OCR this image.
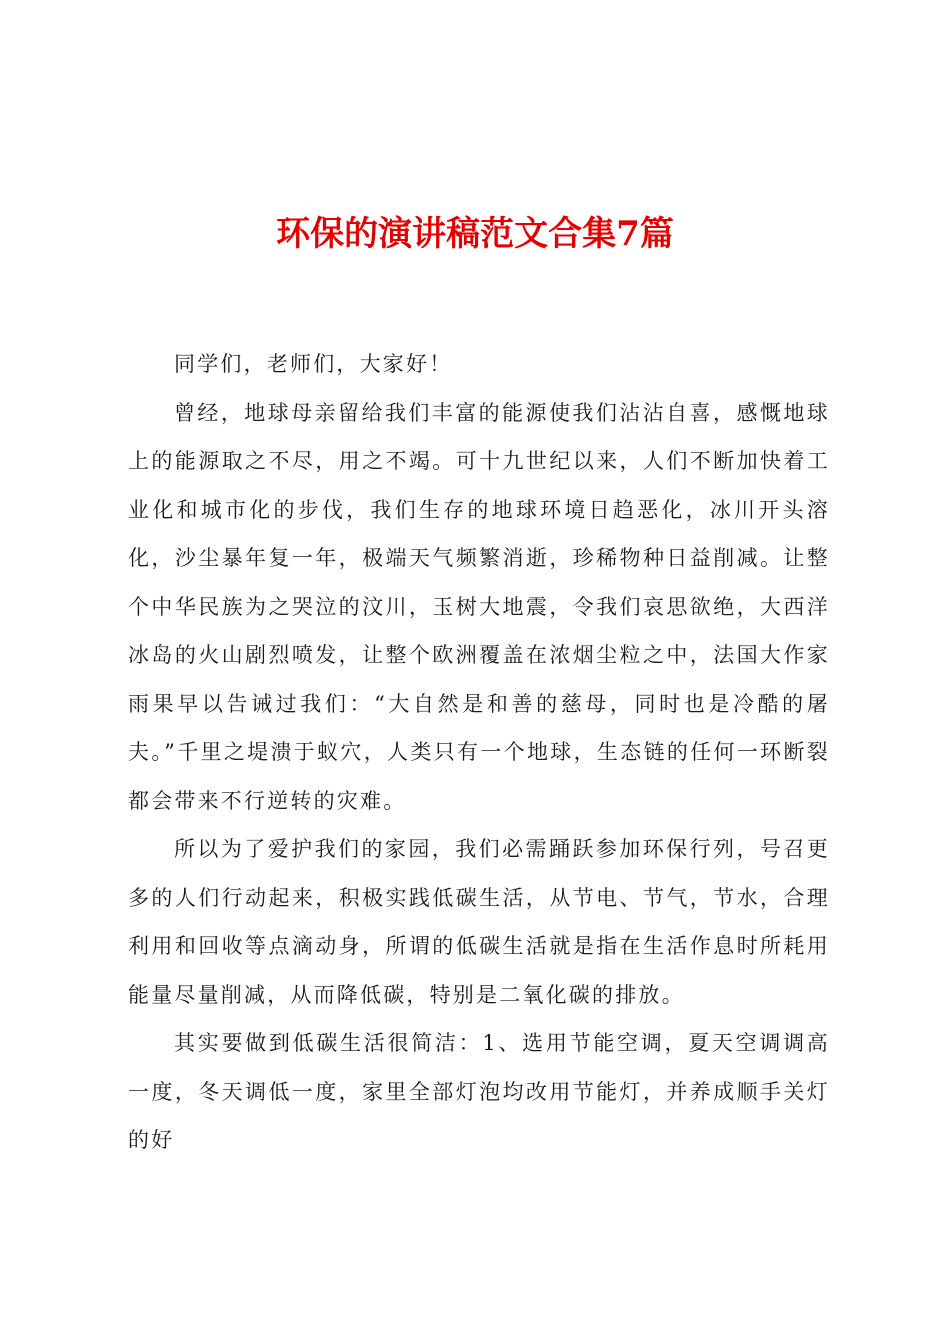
环保的演讲稿范文合集7篇

同学们，老师们，大家好！

曾经，地球母亲留给我们丰富的能源使我们沾沾自喜，感慨地球上的能源取之不尽，用之不竭。可十九世纪以来，人们不断加快着工业化和城市化的步伐，我们生存的地球环境日趋恶化，冰川开头溶化，沙尘暴年复一年，极端天气频繁消逝，珍稀物种日益削减。让整个中华民族为之哭泣的汶川，玉树大地震，令我们哀思欲绝，大西洋冰岛的火山剧烈喷发，让整个欧洲覆盖在浓烟尘粒之中，法国大作家雨果早以告诫过我们：“大自然是和善的慈母，同时也是冷酷的屠夫。”千里之堤溃于蚁穴，人类只有一个地球，生态链的任何一环断裂都会带来不行逆转的灾难。

所以为了爱护我们的家园，我们必需踊跃参加环保行列，号召更多的人们行动起来，积极实践低碳生活，从节电、节气，节水，合理利用和回收等点滴动身，所谓的低碳生活就是指在生活作息时所耗用能量尽量削减，从而降低碳，特别是二氧化碳的排放。

其实要做到低碳生活很简洁：1、选用节能空调，夏天空调调高一度，冬天调低一度，家里全部灯泡均改用节能灯，并养成顺手关灯的好
